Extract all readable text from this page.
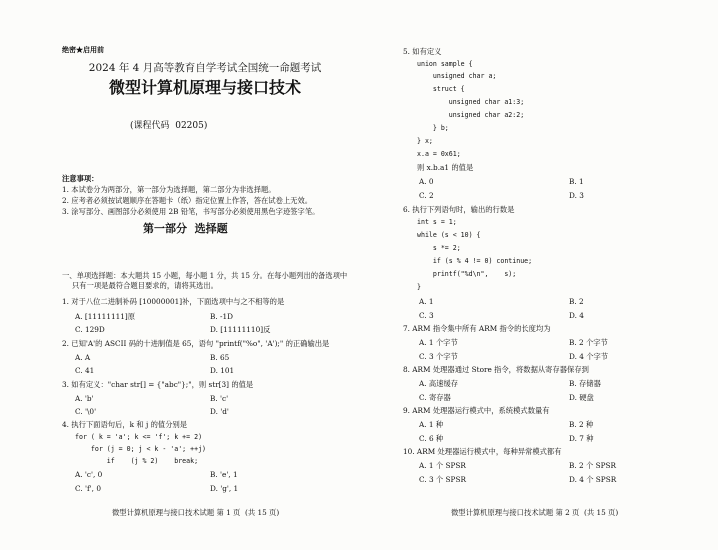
绝密★启用前
2024 年 4 月高等教育自学考试全国统一命题考试
微型计算机原理与接口技术
(课程代码  02205)
注意事项：
1. 本试卷分为两部分，第一部分为选择题，第二部分为非选择题。
2. 应考者必须按试题顺序在答题卡（纸）指定位置上作答，答在试卷上无效。
3. 涂写部分、画图部分必须使用 2B 铅笔，书写部分必须使用黑色字迹签字笔。
第一部分  选择题
一、单项选择题：本大题共 15 小题，每小题 1 分，共 15 分。在每小题列出的备选项中
只有一项是最符合题目要求的，请将其选出。
1. 对于八位二进制补码 [10000001]补，下面选项中与之不相等的是
A. [11111111]原	B. -1D
C. 129D	D. [11111110]反
2. 已知'A'的 ASCII 码的十进制值是 65，语句 "printf("%o", 'A');" 的正确输出是
A. A	B. 65
C. 41	D. 101
3. 如有定义："char str[] = {"abc"};"，则 str[3] 的值是
A. 'b'	B. 'c'
C. '\0'	D. 'd'
4. 执行下面语句后，k 和 j 的值分别是
for ( k = 'a'; k <= 'f'; k += 2)
for (j = 0; j < k - 'a'; ++j)
if    (j % 2)    break;
A. 'c', 0	B. 'e', 1
C. 'f', 0	D. 'g', 1
微型计算机原理与接口技术试题 第 1 页  (共 15 页)
5. 如有定义
union sample {
unsigned char a;
struct {
unsigned char a1:3;
unsigned char a2:2;
} b;
} x;
x.a = 0x61;
则 x.b.a1 的值是
A. 0	B. 1
C. 2	D. 3
6. 执行下列语句时，输出的行数是
int s = 1;
while (s < 10) {
s *= 2;
if (s % 4 != 0) continue;
printf("%d\n",    s);
}
A. 1	B. 2
C. 3	D. 4
7. ARM 指令集中所有 ARM 指令的长度均为
A. 1 个字节	B. 2 个字节
C. 3 个字节	D. 4 个字节
8. ARM 处理器通过 Store 指令，将数据从寄存器保存到
A. 高速缓存	B. 存储器
C. 寄存器	D. 硬盘
9. ARM 处理器运行模式中，系统模式数量有
A. 1 种	B. 2 种
C. 6 种	D. 7 种
10. ARM 处理器运行模式中，每种异常模式都有
A. 1 个 SPSR	B. 2 个 SPSR
C. 3 个 SPSR	D. 4 个 SPSR
微型计算机原理与接口技术试题 第 2 页  (共 15 页)
